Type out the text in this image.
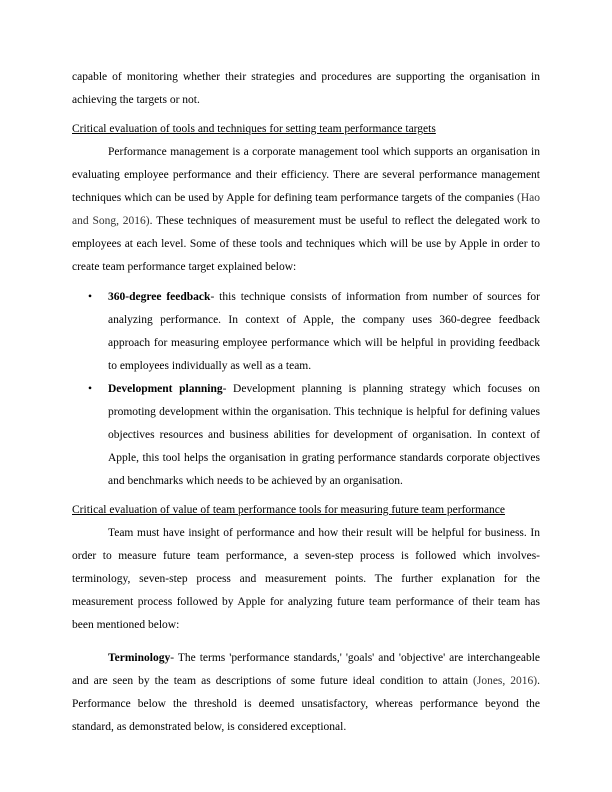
capable of monitoring whether their strategies and procedures are supporting the organisation in achieving the targets or not.

Critical evaluation of tools and techniques for setting team performance targets

Performance management is a corporate management tool which supports an organisation in evaluating employee performance and their efficiency. There are several performance management techniques which can be used by Apple for defining team performance targets of the companies (Hao and Song, 2016). These techniques of measurement must be useful to reflect the delegated work to employees at each level. Some of these tools and techniques which will be use by Apple in order to create team performance target explained below:

• 360-degree feedback- this technique consists of information from number of sources for analyzing performance. In context of Apple, the company uses 360-degree feedback approach for measuring employee performance which will be helpful in providing feedback to employees individually as well as a team.
• Development planning- Development planning is planning strategy which focuses on promoting development within the organisation. This technique is helpful for defining values objectives resources and business abilities for development of organisation. In context of Apple, this tool helps the organisation in grating performance standards corporate objectives and benchmarks which needs to be achieved by an organisation.

Critical evaluation of value of team performance tools for measuring future team performance

Team must have insight of performance and how their result will be helpful for business. In order to measure future team performance, a seven-step process is followed which involves- terminology, seven-step process and measurement points. The further explanation for the measurement process followed by Apple for analyzing future team performance of their team has been mentioned below:

Terminology- The terms 'performance standards,' 'goals' and 'objective' are interchangeable and are seen by the team as descriptions of some future ideal condition to attain (Jones, 2016). Performance below the threshold is deemed unsatisfactory, whereas performance beyond the standard, as demonstrated below, is considered exceptional.
